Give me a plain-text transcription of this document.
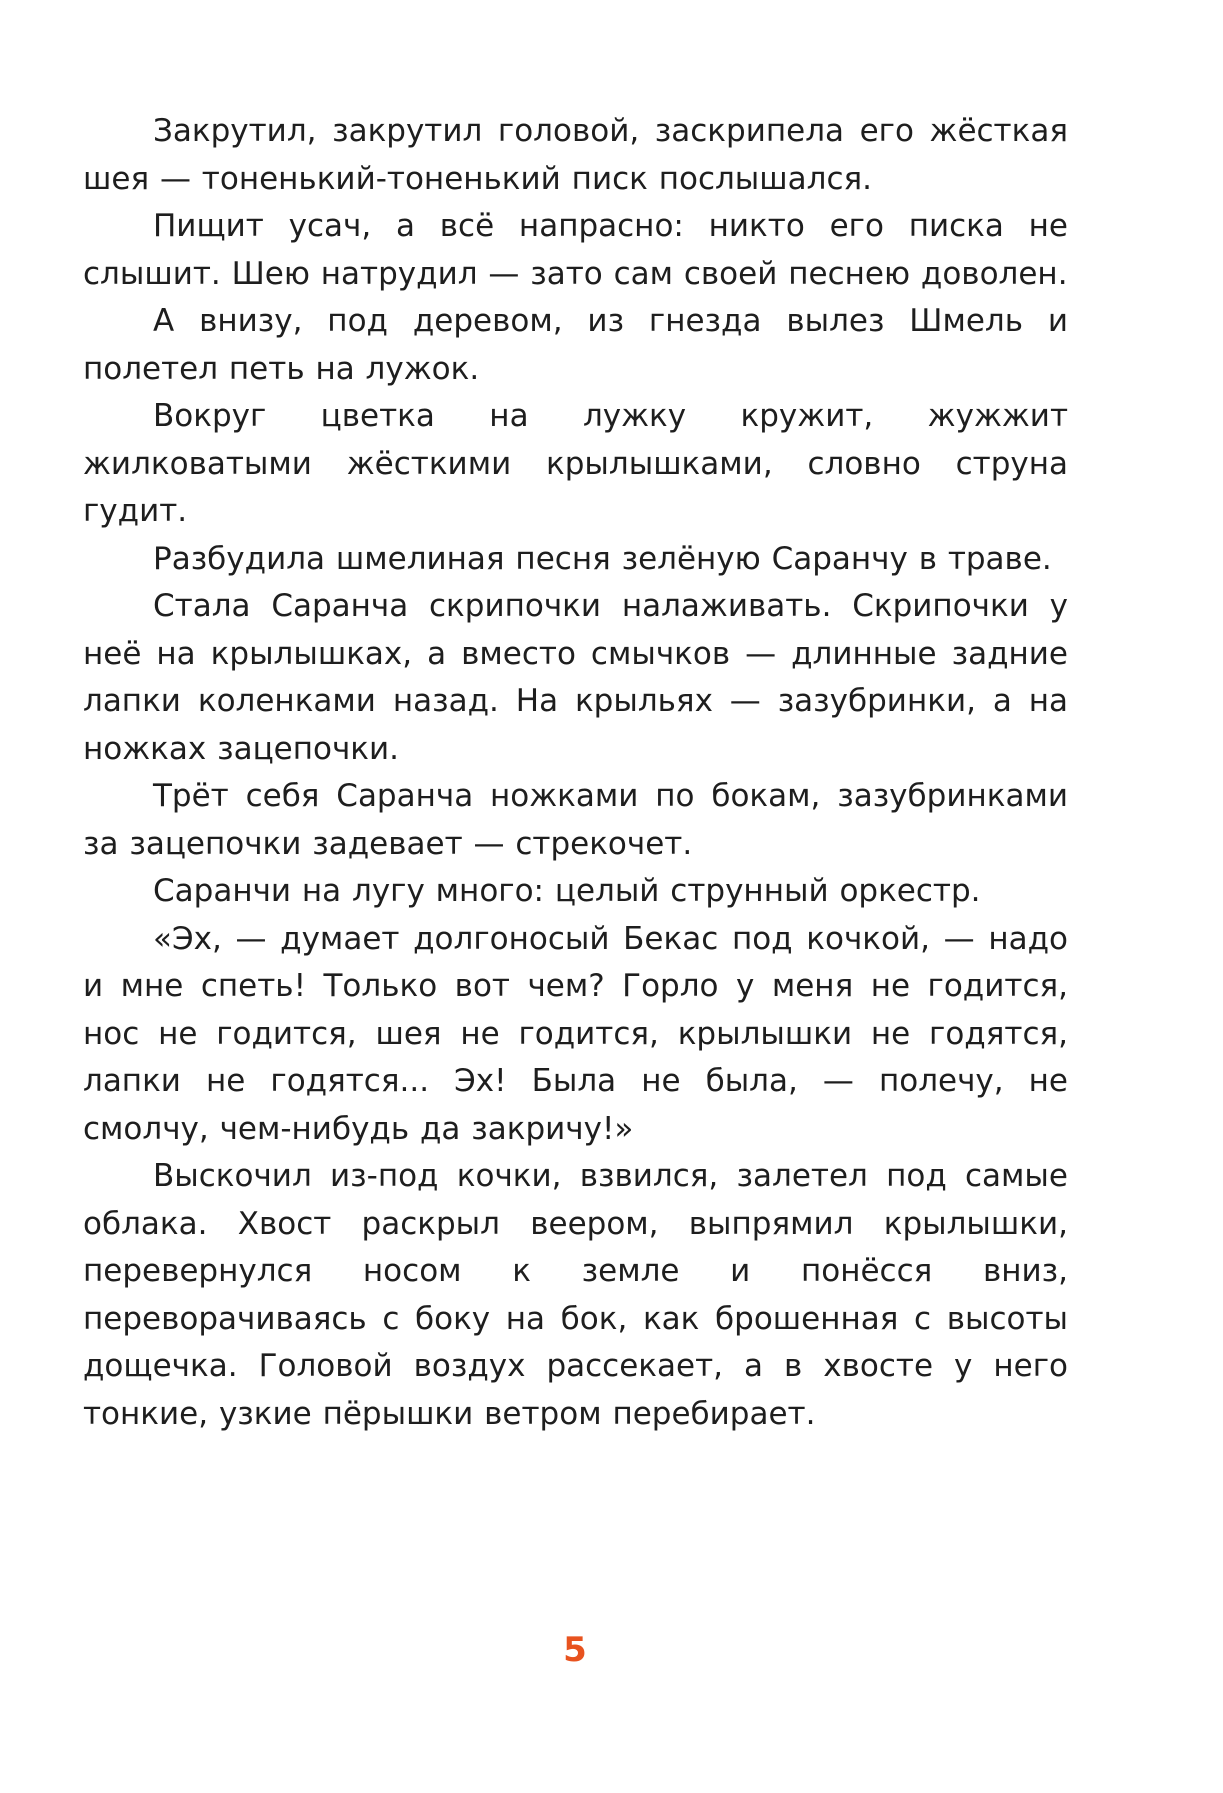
Закрутил, закрутил головой, заскрипела его жёсткая шея — тоненький-тоненький писк послышался.

Пищит усач, а всё напрасно: никто его писка не слышит. Шею натрудил — зато сам своей песнею доволен.

А внизу, под деревом, из гнезда вылез Шмель и полетел петь на лужок.

Вокруг цветка на лужку кружит, жужжит жилковатыми жёсткими крылышками, словно струна гудит.

Разбудила шмелиная песня зелёную Саранчу в траве.

Стала Саранча скрипочки налаживать. Скрипочки у неё на крылышках, а вместо смычков — длинные задние лапки коленками назад. На крыльях — зазубринки, а на ножках зацепочки.

Трёт себя Саранча ножками по бокам, зазубринками за зацепочки задевает — стрекочет.

Саранчи на лугу много: целый струнный оркестр.

«Эх, — думает долгоносый Бекас под кочкой, — надо и мне спеть! Только вот чем? Горло у меня не годится, нос не годится, шея не годится, крылышки не годятся, лапки не годятся... Эх! Была не была, — полечу, не смолчу, чем-нибудь да закричу!»

Выскочил из-под кочки, взвился, залетел под самые облака. Хвост раскрыл веером, выпрямил крылышки, перевернулся носом к земле и понёсся вниз, переворачиваясь с боку на бок, как брошенная с высоты дощечка. Головой воздух рассекает, а в хвосте у него тонкие, узкие пёрышки ветром перебирает.

5
